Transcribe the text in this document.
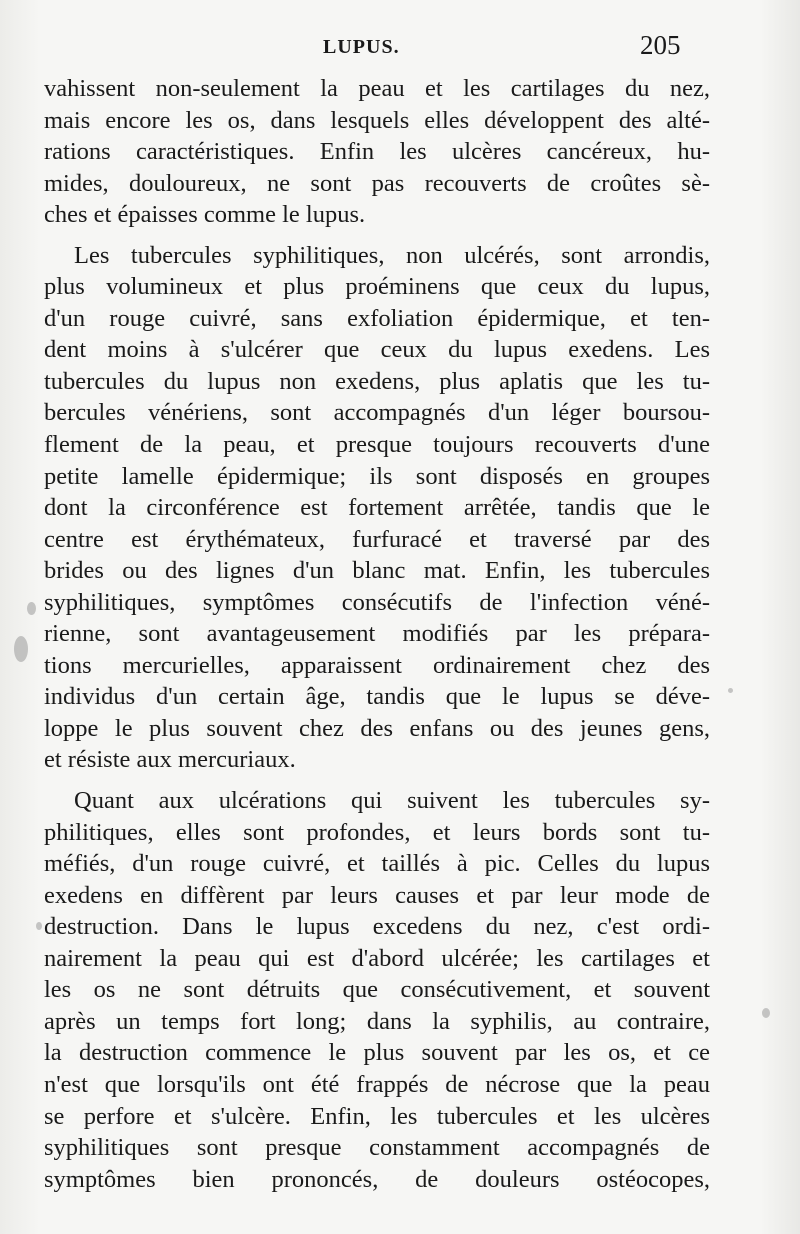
LUPUS.	205
vahissent non-seulement la peau et les cartilages du nez,
mais encore les os, dans lesquels elles développent des alté-
rations caractéristiques. Enfin les ulcères cancéreux, hu-
mides, douloureux, ne sont pas recouverts de croûtes sè-
ches et épaisses comme le lupus.
Les tubercules syphilitiques, non ulcérés, sont arrondis,
plus volumineux et plus proéminens que ceux du lupus,
d'un rouge cuivré, sans exfoliation épidermique, et ten-
dent moins à s'ulcérer que ceux du lupus exedens. Les
tubercules du lupus non exedens, plus aplatis que les tu-
bercules vénériens, sont accompagnés d'un léger boursou-
flement de la peau, et presque toujours recouverts d'une
petite lamelle épidermique; ils sont disposés en groupes
dont la circonférence est fortement arrêtée, tandis que le
centre est érythémateux, furfuracé et traversé par des
brides ou des lignes d'un blanc mat. Enfin, les tubercules
syphilitiques, symptômes consécutifs de l'infection véné-
rienne, sont avantageusement modifiés par les prépara-
tions mercurielles, apparaissent ordinairement chez des
individus d'un certain âge, tandis que le lupus se déve-
loppe le plus souvent chez des enfans ou des jeunes gens,
et résiste aux mercuriaux.
Quant aux ulcérations qui suivent les tubercules sy-
philitiques, elles sont profondes, et leurs bords sont tu-
méfiés, d'un rouge cuivré, et taillés à pic. Celles du lupus
exedens en diffèrent par leurs causes et par leur mode de
destruction. Dans le lupus excedens du nez, c'est ordi-
nairement la peau qui est d'abord ulcérée; les cartilages et
les os ne sont détruits que consécutivement, et souvent
après un temps fort long; dans la syphilis, au contraire,
la destruction commence le plus souvent par les os, et ce
n'est que lorsqu'ils ont été frappés de nécrose que la peau
se perfore et s'ulcère. Enfin, les tubercules et les ulcères
syphilitiques sont presque constamment accompagnés de
symptômes bien prononcés, de douleurs ostéocopes,
